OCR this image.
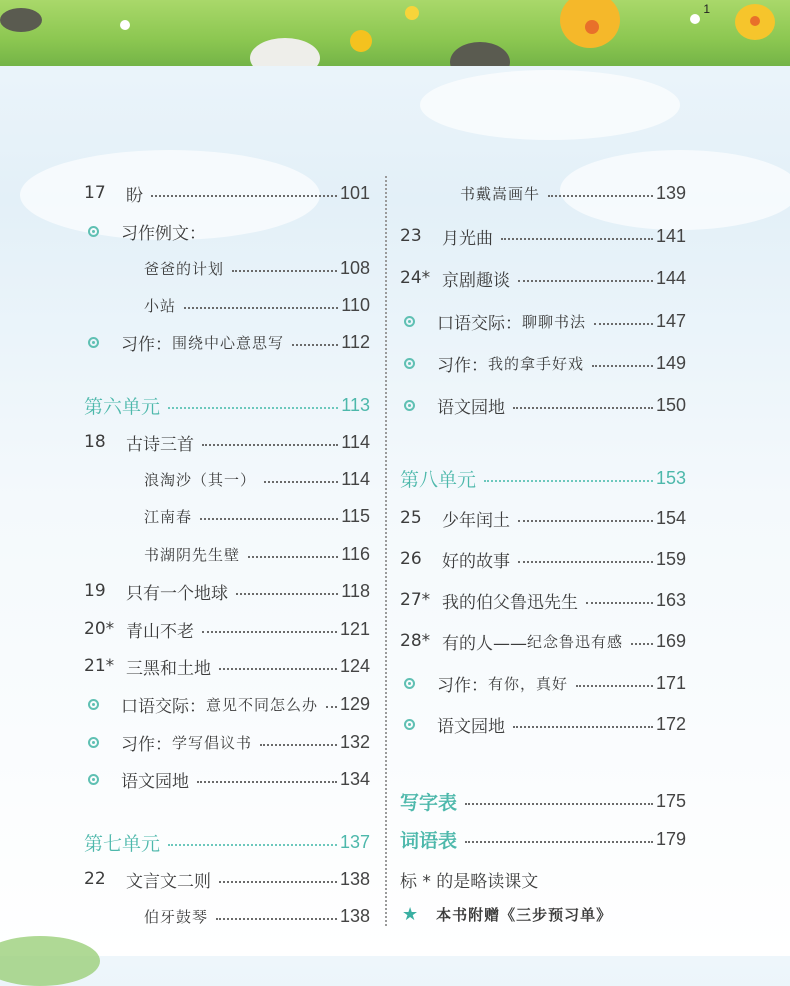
1
17	盼	101
习作例文：
爸爸的计划	108
小站	110
习作： 围绕中心意思写	112
第六单元	113
18	古诗三首	114
浪淘沙（其一）	114
江南春	115
书湖阴先生壁	116
19	只有一个地球	118
20* 青山不老	121
21* 三黑和土地	124
口语交际： 意见不同怎么办 129
习作： 学写倡议书	132
语文园地	134
第七单元	137
22	文言文二则	138
伯牙鼓琴	138
书戴嵩画牛	139
23	月光曲	141
24* 京剧趣谈	144
口语交际： 聊聊书法	147
习作： 我的拿手好戏	149
语文园地	150
第八单元	153
25	少年闰土	154
26	好的故事	159
27* 我的伯父鲁迅先生	163
28* 有的人—— 纪念鲁迅有感 169
习作： 有你，真好	171
语文园地	172
写字表	175
词语表	179
标 * 的是略读课文
★ 本书附赠《三步预习单》
